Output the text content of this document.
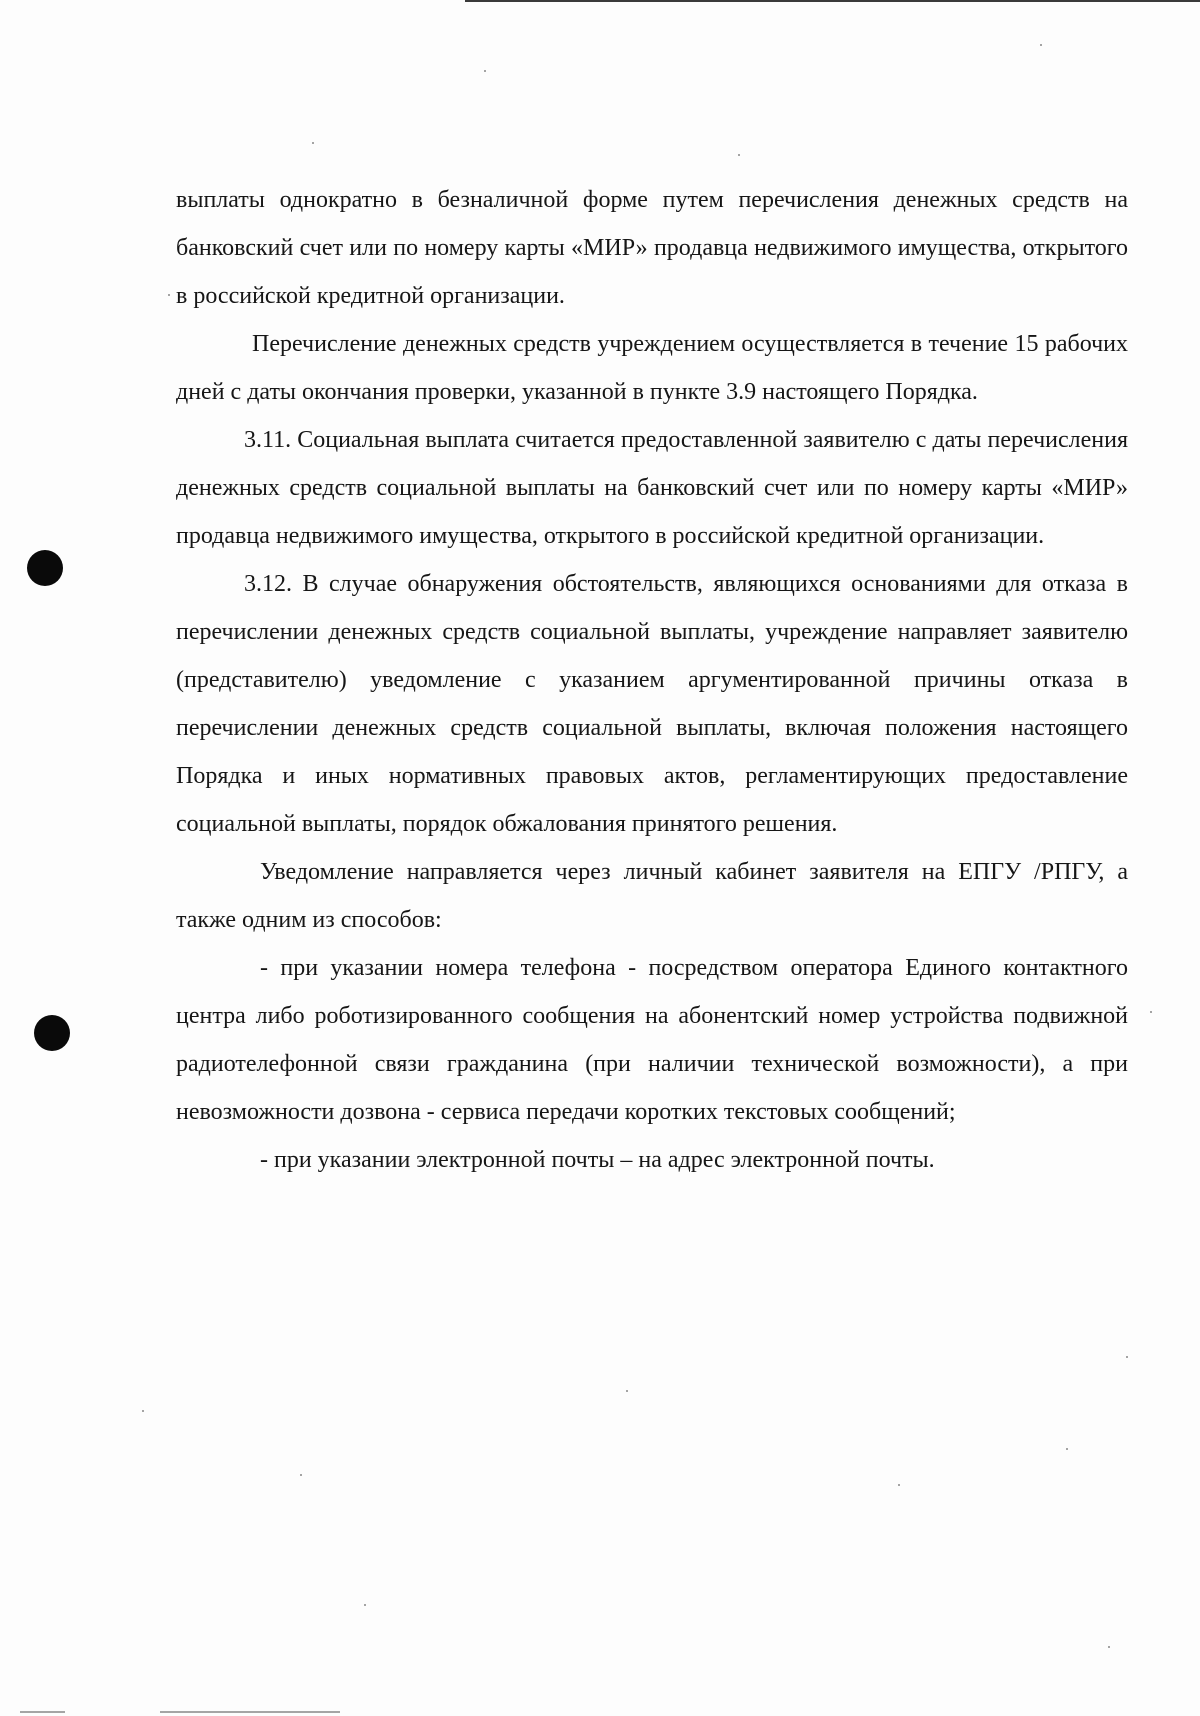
выплаты однократно в безналичной форме путем перечисления денежных средств на банковский счет или по номеру карты «МИР» продавца недвижимого имущества, открытого в российской кредитной организации.

Перечисление денежных средств учреждением осуществляется в течение 15 рабочих дней с даты окончания проверки, указанной в пункте 3.9 настоящего Порядка.

3.11. Социальная выплата считается предоставленной заявителю с даты перечисления денежных средств социальной выплаты на банковский счет или по номеру карты «МИР» продавца недвижимого имущества, открытого в российской кредитной организации.

3.12. В случае обнаружения обстоятельств, являющихся основаниями для отказа в перечислении денежных средств социальной выплаты, учреждение направляет заявителю (представителю) уведомление с указанием аргументированной причины отказа в перечислении денежных средств социальной выплаты, включая положения настоящего Порядка и иных нормативных правовых актов, регламентирующих предоставление социальной выплаты, порядок обжалования принятого решения.

Уведомление направляется через личный кабинет заявителя на ЕПГУ /РПГУ, а также одним из способов:

- при указании номера телефона - посредством оператора Единого контактного центра либо роботизированного сообщения на абонентский номер устройства подвижной радиотелефонной связи гражданина (при наличии технической возможности), а при невозможности дозвона - сервиса передачи коротких текстовых сообщений;

- при указании электронной почты – на адрес электронной почты.
